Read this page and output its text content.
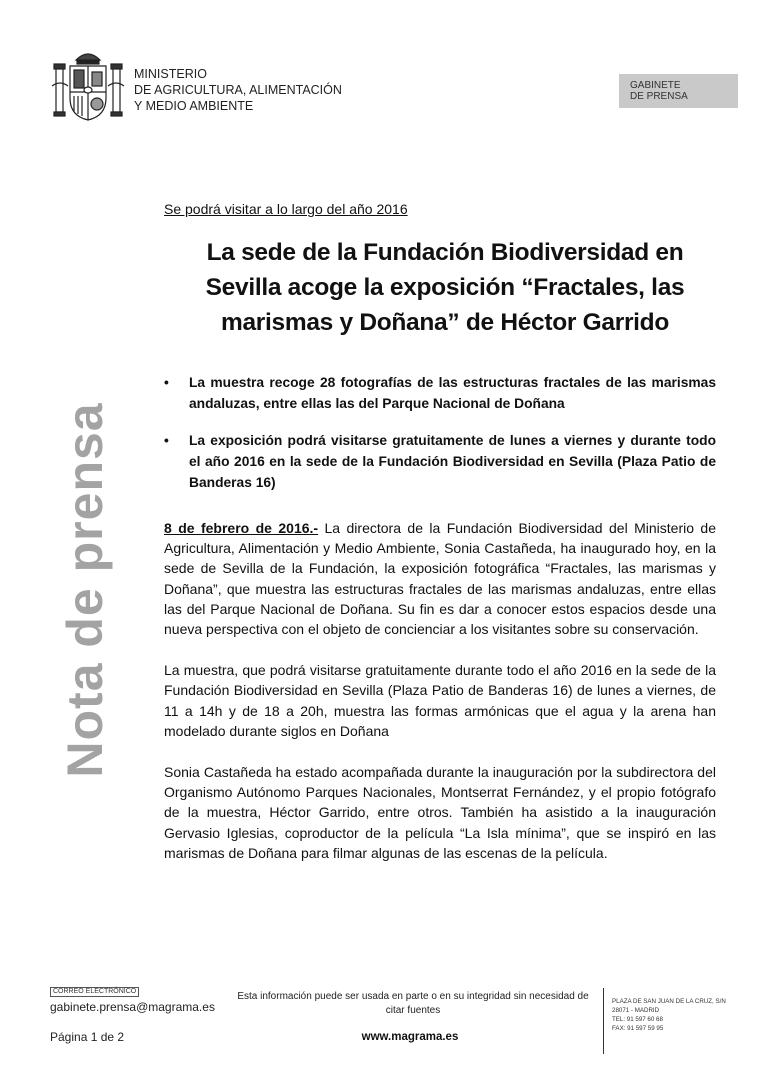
MINISTERIO
DE AGRICULTURA, ALIMENTACIÓN
Y MEDIO AMBIENTE
GABINETE
DE PRENSA
Nota de prensa
Se podrá visitar a lo largo del año 2016
La sede de la Fundación Biodiversidad en
Sevilla acoge la exposición “Fractales, las
marismas y Doñana” de Héctor Garrido
• La muestra recoge 28 fotografías de las estructuras fractales de las marismas andaluzas, entre ellas las del Parque Nacional de Doñana
• La exposición podrá visitarse gratuitamente de lunes a viernes y durante todo el año 2016 en la sede de la Fundación Biodiversidad en Sevilla (Plaza Patio de Banderas 16)

8 de febrero de 2016.- La directora de la Fundación Biodiversidad del Ministerio de Agricultura, Alimentación y Medio Ambiente, Sonia Castañeda, ha inaugurado hoy, en la sede de Sevilla de la Fundación, la exposición fotográfica “Fractales, las marismas y Doñana”, que muestra las estructuras fractales de las marismas andaluzas, entre ellas las del Parque Nacional de Doñana. Su fin es dar a conocer estos espacios desde una nueva perspectiva con el objeto de concienciar a los visitantes sobre su conservación.

La muestra, que podrá visitarse gratuitamente durante todo el año 2016 en la sede de la Fundación Biodiversidad en Sevilla (Plaza Patio de Banderas 16) de lunes a viernes, de 11 a 14h y de 18 a 20h, muestra las formas armónicas que el agua y la arena han modelado durante siglos en Doñana

Sonia Castañeda ha estado acompañada durante la inauguración por la subdirectora del Organismo Autónomo Parques Nacionales, Montserrat Fernández, y el propio fotógrafo de la muestra, Héctor Garrido, entre otros. También ha asistido a la inauguración Gervasio Iglesias, coproductor de la película “La Isla mínima”, que se inspiró en las marismas de Doñana para filmar algunas de las escenas de la película.

CORREO ELECTRÓNICO
gabinete.prensa@magrama.es
Página 1 de 2
Esta información puede ser usada en parte o en su integridad sin necesidad de citar fuentes
www.magrama.es
PLAZA DE SAN JUAN DE LA CRUZ, S/N
28071 - MADRID
TEL: 91 597 60 68
FAX: 91 597 59 95
